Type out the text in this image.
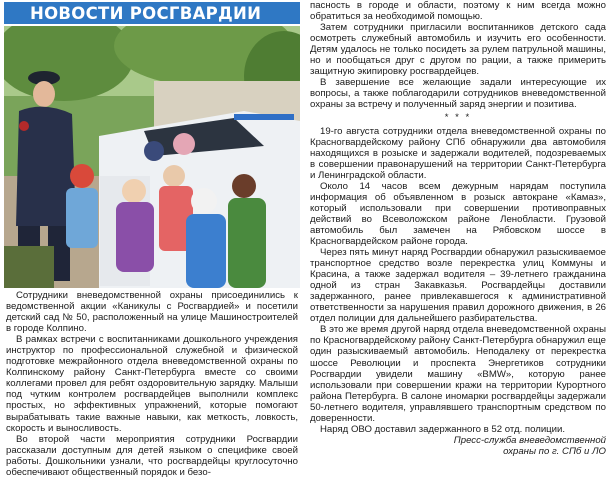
НОВОСТИ РОСГВАРДИИ

Сотрудники вневедомственной охраны присоединились к ведомственной акции «Каникулы с Росгвардией» и посетили детский сад № 50, расположенный на улице Машиностроителей в городе Колпино.

В рамках встречи с воспитанниками дошкольного учреждения инструктор по профессиональной служебной и физической подготовке межрайонного отдела вневедомственной охраны по Колпинскому району Санкт-Петербурга вместе со своими коллегами провел для ребят оздоровительную зарядку. Малыши под чутким контролем росгвардейцев выполнили комплекс простых, но эффективных упражнений, которые помогают вырабатывать такие важные навыки, как меткость, ловкость, скорость и выносливость.

Во второй части мероприятия сотрудники Росгвардии рассказали доступным для детей языком о специфике своей работы. Дошкольники узнали, что росгвардейцы круглосуточно обеспечивают общественный порядок и безо-

пасность в городе и области, поэтому к ним всегда можно обратиться за необходимой помощью.

Затем сотрудники пригласили воспитанников детского сада осмотреть служебный автомобиль и изучить его особенности. Детям удалось не только посидеть за рулем патрульной машины, но и пообщаться друг с другом по рации, а также примерить защитную экипировку росгвардейцев.

В завершение все желающие задали интересующие их вопросы, а также поблагодарили сотрудников вневедомственной охраны за встречу и полученный заряд энергии и позитива.

* * *

19-го августа сотрудники отдела вневедомственной охраны по Красногвардейскому району СПб обнаружили два автомобиля находящихся в розыске и задержали водителей, подозреваемых в совершении правонарушений на территории Санкт-Петербурга и Ленинградской области.

Около 14 часов всем дежурным нарядам поступила информация об объявленном в розыск автокране «Камаз», который использовали при совершении противоправных действий во Всеволожском районе Ленобласти. Грузовой автомобиль был замечен на Рябовском шоссе в Красногвардейском районе города.

Через пять минут наряд Росгвардии обнаружил разыскиваемое транспортное средство возле перекрестка улиц Коммуны и Красина, а также задержал водителя – 39-летнего гражданина одной из стран Закавказья. Росгвардейцы доставили задержанного, ранее привлекавшегося к административной ответственности за нарушения правил дорожного движения, в 26 отдел полиции для дальнейшего разбирательства.

В это же время другой наряд отдела вневедомственной охраны по Красногвардейскому району Санкт-Петербурга обнаружил еще один разыскиваемый автомобиль. Неподалеку от перекрестка шоссе Революции и проспекта Энергетиков сотрудники Росгвардии увидели машину «ВМW», которую ранее использовали при совершении кражи на территории Курортного района Петербурга. В салоне иномарки росгвардейцы задержали 50-летнего водителя, управлявшего транспортным средством по доверенности.

Наряд ОВО доставил задержанного в 52 отд. полиции.

Пресс-служба вневедомственной

охраны по г. СПб и ЛО
